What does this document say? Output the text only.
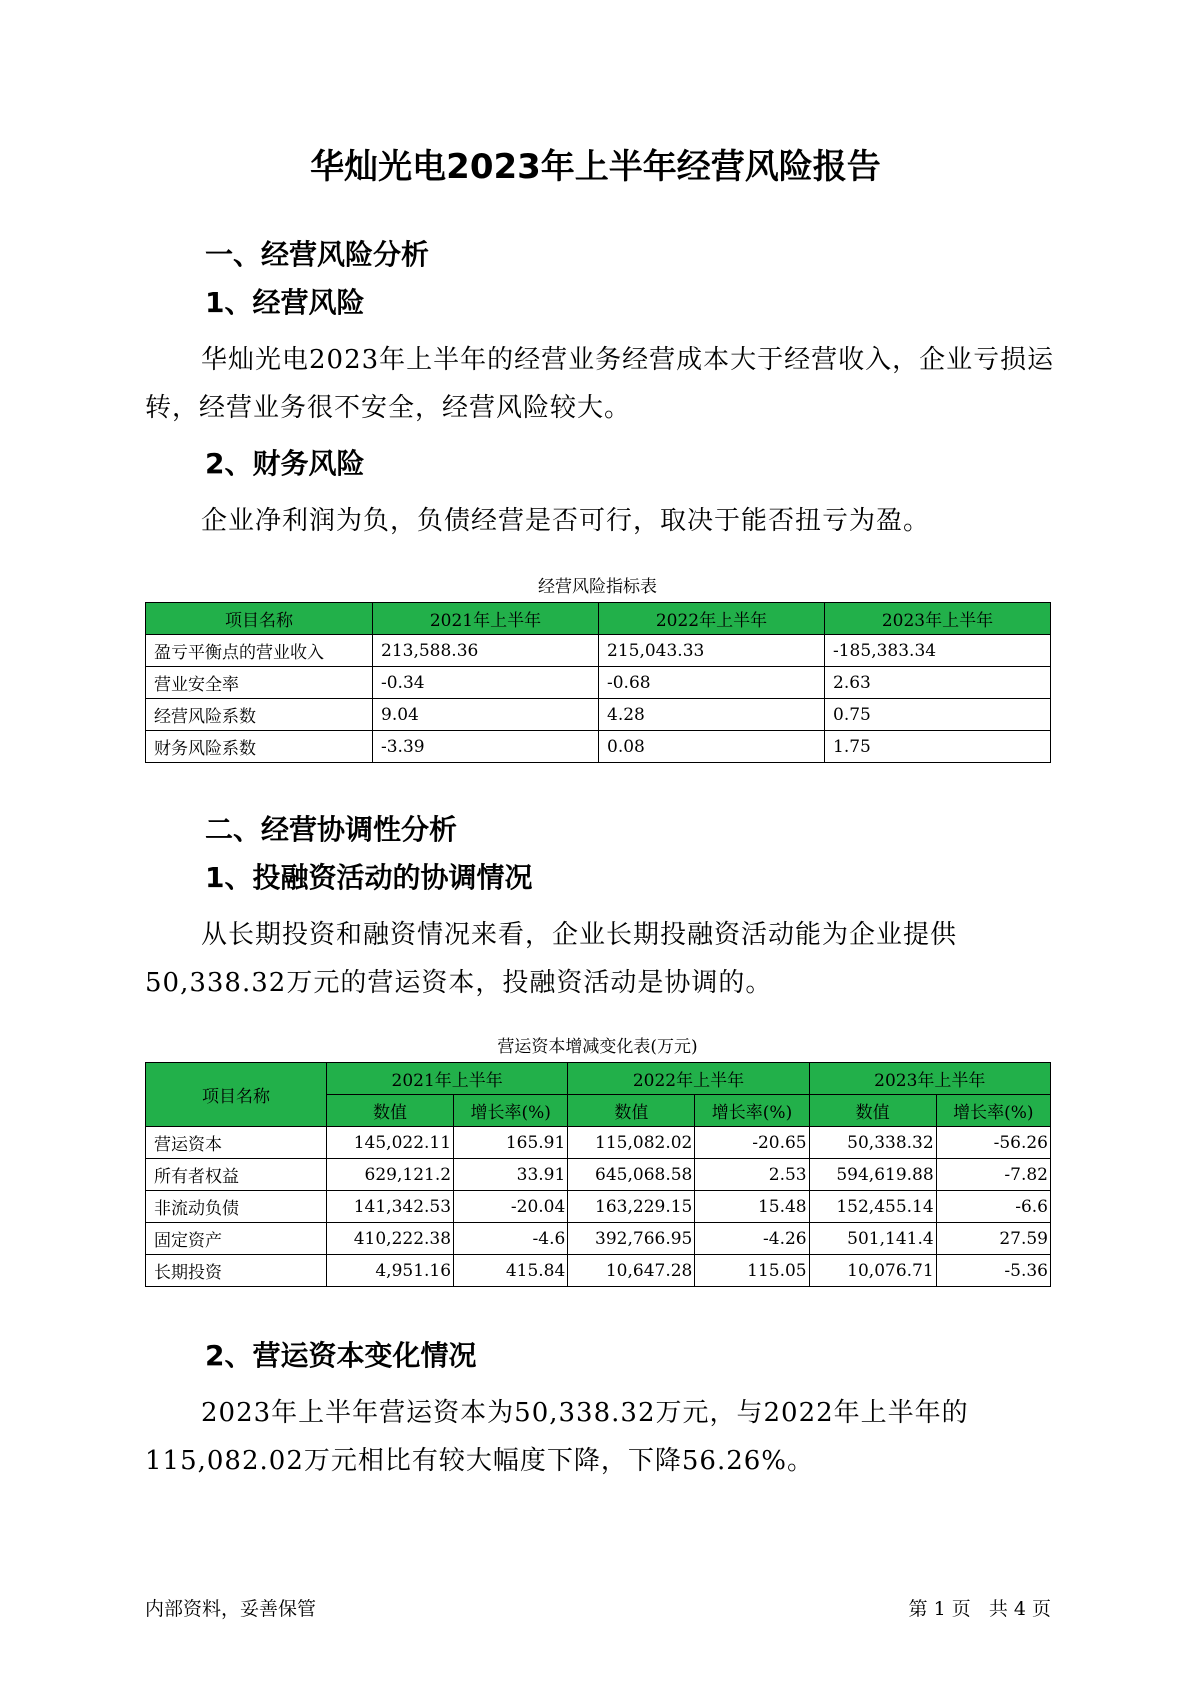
华灿光电2023年上半年经营风险报告
一、经营风险分析
1、经营风险
华灿光电2023年上半年的经营业务经营成本大于经营收入，企业亏损运转，经营业务很不安全，经营风险较大。
2、财务风险
企业净利润为负，负债经营是否可行，取决于能否扭亏为盈。
经营风险指标表
项目名称	2021年上半年	2022年上半年	2023年上半年
盈亏平衡点的营业收入	213,588.36	215,043.33	-185,383.34
营业安全率	-0.34	-0.68	2.63
经营风险系数	9.04	4.28	0.75
财务风险系数	-3.39	0.08	1.75
二、经营协调性分析
1、投融资活动的协调情况
从长期投资和融资情况来看，企业长期投融资活动能为企业提供50,338.32万元的营运资本，投融资活动是协调的。
营运资本增减变化表(万元)
项目名称	2021年上半年		2022年上半年		2023年上半年	
	数值	增长率(%)	数值	增长率(%)	数值	增长率(%)
营运资本	145,022.11	165.91	115,082.02	-20.65	50,338.32	-56.26
所有者权益	629,121.2	33.91	645,068.58	2.53	594,619.88	-7.82
非流动负债	141,342.53	-20.04	163,229.15	15.48	152,455.14	-6.6
固定资产	410,222.38	-4.6	392,766.95	-4.26	501,141.4	27.59
长期投资	4,951.16	415.84	10,647.28	115.05	10,076.71	-5.36
2、营运资本变化情况
2023年上半年营运资本为50,338.32万元，与2022年上半年的115,082.02万元相比有较大幅度下降，下降56.26%。
内部资料，妥善保管	第 1 页   共 4 页
